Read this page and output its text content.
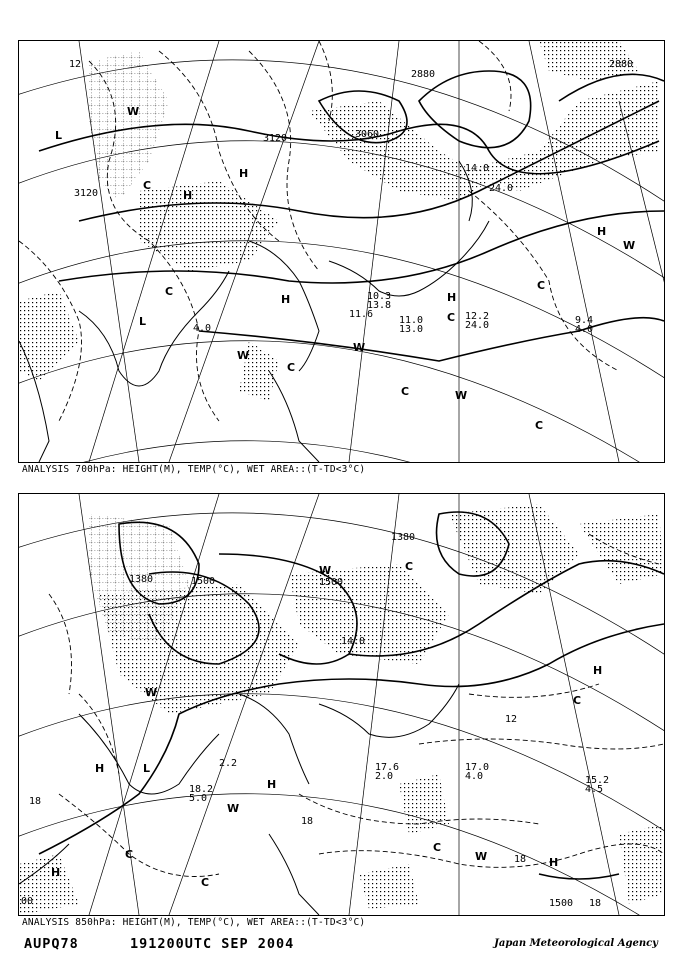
3120
3120
3060
2880
2880
12
L
W
C
H
L
C
H
W
H
C
W
C
C
H
W
C
C
H
W
14.0
24.0
12.2
24.0	9.4
4.0
10.3
13.8
11.6
4.0
11.0
13.0
ANALYSIS 700hPa: HEIGHT(M), TEMP(°C), WET AREA::(T-TD<3°C)
1380	1500	1500
1380
1500
18
12
18
18
18
00
H
W
C
H	L
W
C
H
C
W
C
H
C
H
W
17.0
4.0	15.2
4.5
17.6
2.0
18.2
5.0
14.0
2.2
ANALYSIS 850hPa: HEIGHT(M), TEMP(°C), WET AREA::(T-TD<3°C)
AUPQ78	191200UTC SEP 2004	Japan Meteorological Agency
